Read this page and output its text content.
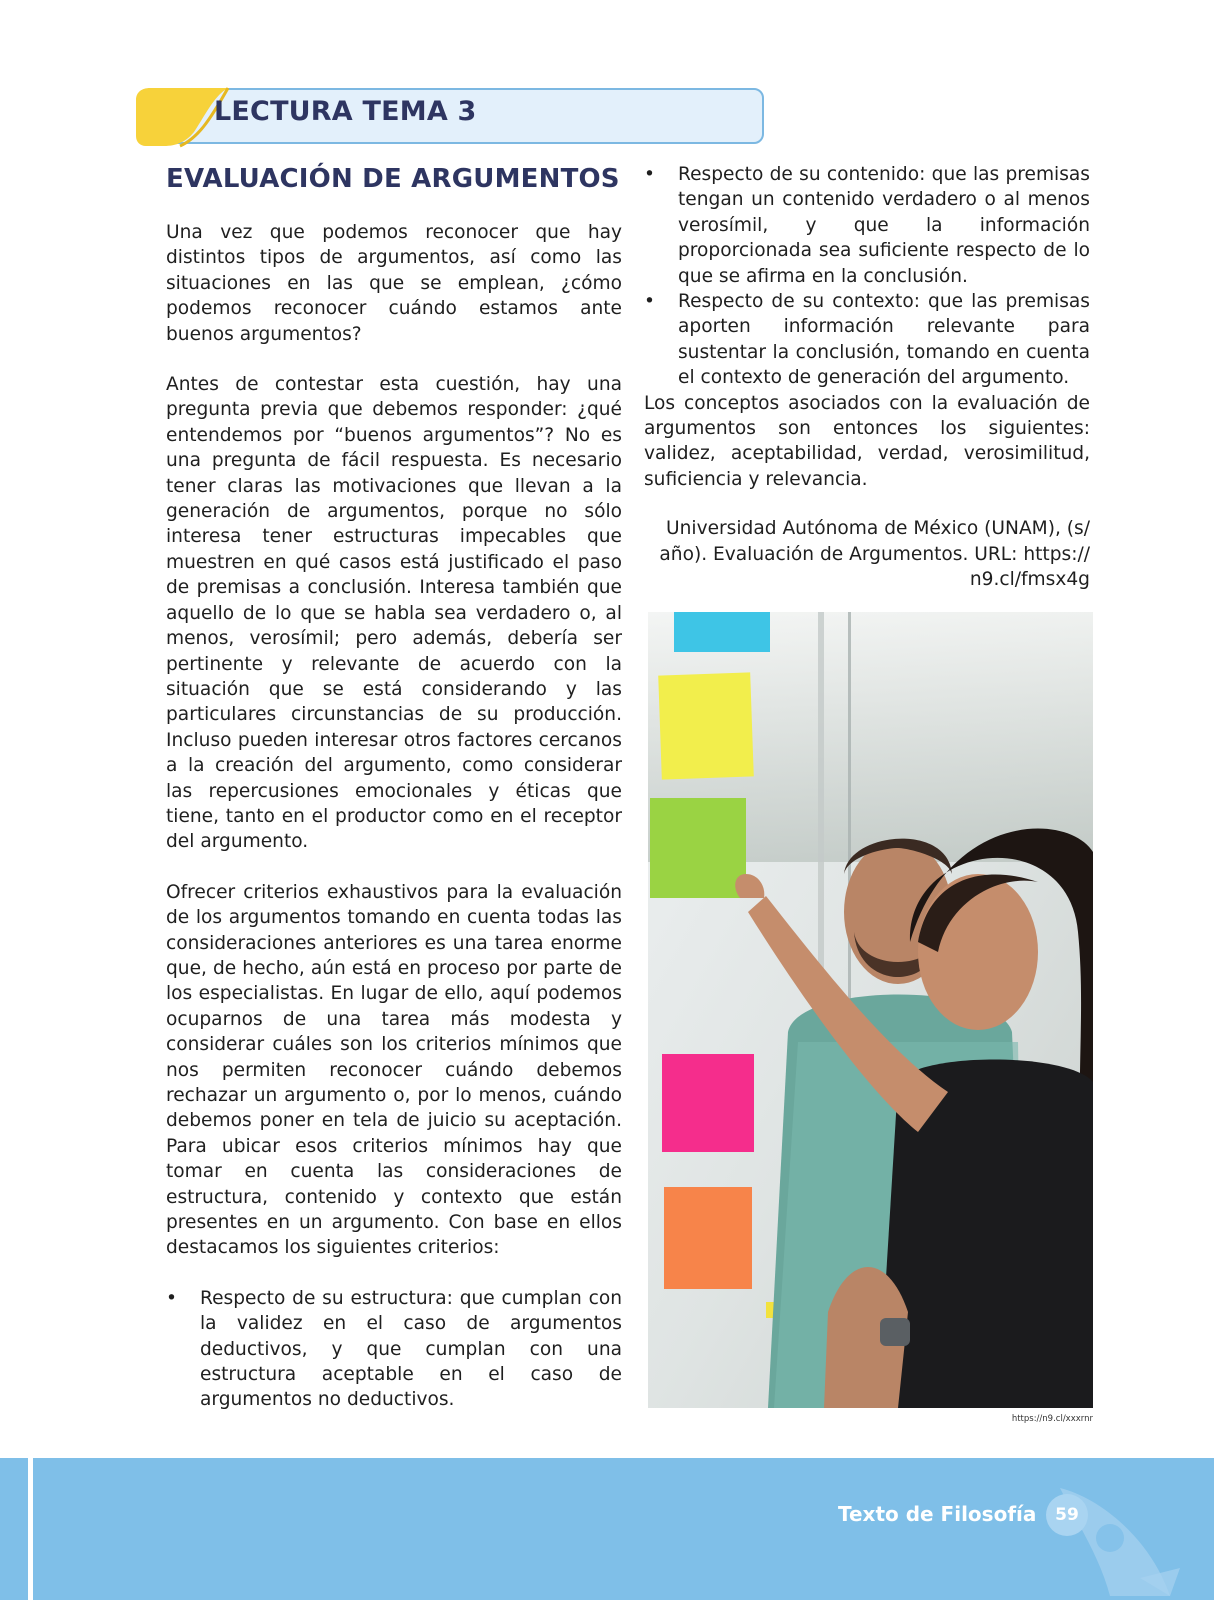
LECTURA TEMA 3
EVALUACIÓN DE ARGUMENTOS

Una vez que podemos reconocer que hay distintos tipos de argumentos, así como las situaciones en las que se emplean, ¿cómo podemos reconocer cuándo estamos ante buenos argumentos?

Antes de contestar esta cuestión, hay una pregunta previa que debemos responder: ¿qué entendemos por “buenos argumentos”? No es una pregunta de fácil respuesta. Es necesario tener claras las motivaciones que llevan a la generación de argumentos, porque no sólo interesa tener estructuras impecables que muestren en qué casos está justificado el paso de premisas a conclusión. Interesa también que aquello de lo que se habla sea verdadero o, al menos, verosímil; pero además, debería ser pertinente y relevante de acuerdo con la situación que se está considerando y las particulares circunstancias de su producción. Incluso pueden interesar otros factores cercanos a la creación del argumento, como considerar las repercusiones emocionales y éticas que tiene, tanto en el productor como en el receptor del argumento.

Ofrecer criterios exhaustivos para la evaluación de los argumentos tomando en cuenta todas las consideraciones anteriores es una tarea enorme que, de hecho, aún está en proceso por parte de los especialistas. En lugar de ello, aquí podemos ocuparnos de una tarea más modesta y considerar cuáles son los criterios mínimos que nos permiten reconocer cuándo debemos rechazar un argumento o, por lo menos, cuándo debemos poner en tela de juicio su aceptación. Para ubicar esos criterios mínimos hay que tomar en cuenta las consideraciones de estructura, contenido y contexto que están presentes en un argumento. Con base en ellos destacamos los siguientes criterios:

• Respecto de su estructura: que cumplan con la validez en el caso de argumentos deductivos, y que cumplan con una estructura aceptable en el caso de argumentos no deductivos.
• Respecto de su contenido: que las premisas tengan un contenido verdadero o al menos verosímil, y que la información proporcionada sea suficiente respecto de lo que se afirma en la conclusión.
• Respecto de su contexto: que las premisas aporten información relevante para sustentar la conclusión, tomando en cuenta el contexto de generación del argumento.

Los conceptos asociados con la evaluación de argumentos son entonces los siguientes: validez, aceptabilidad, verdad, verosimilitud, suficiencia y relevancia.

Universidad Autónoma de México (UNAM), (s/ año). Evaluación de Argumentos. URL: https:// n9.cl/fmsx4g

https://n9.cl/xxxrnr
Texto de Filosofía	59
